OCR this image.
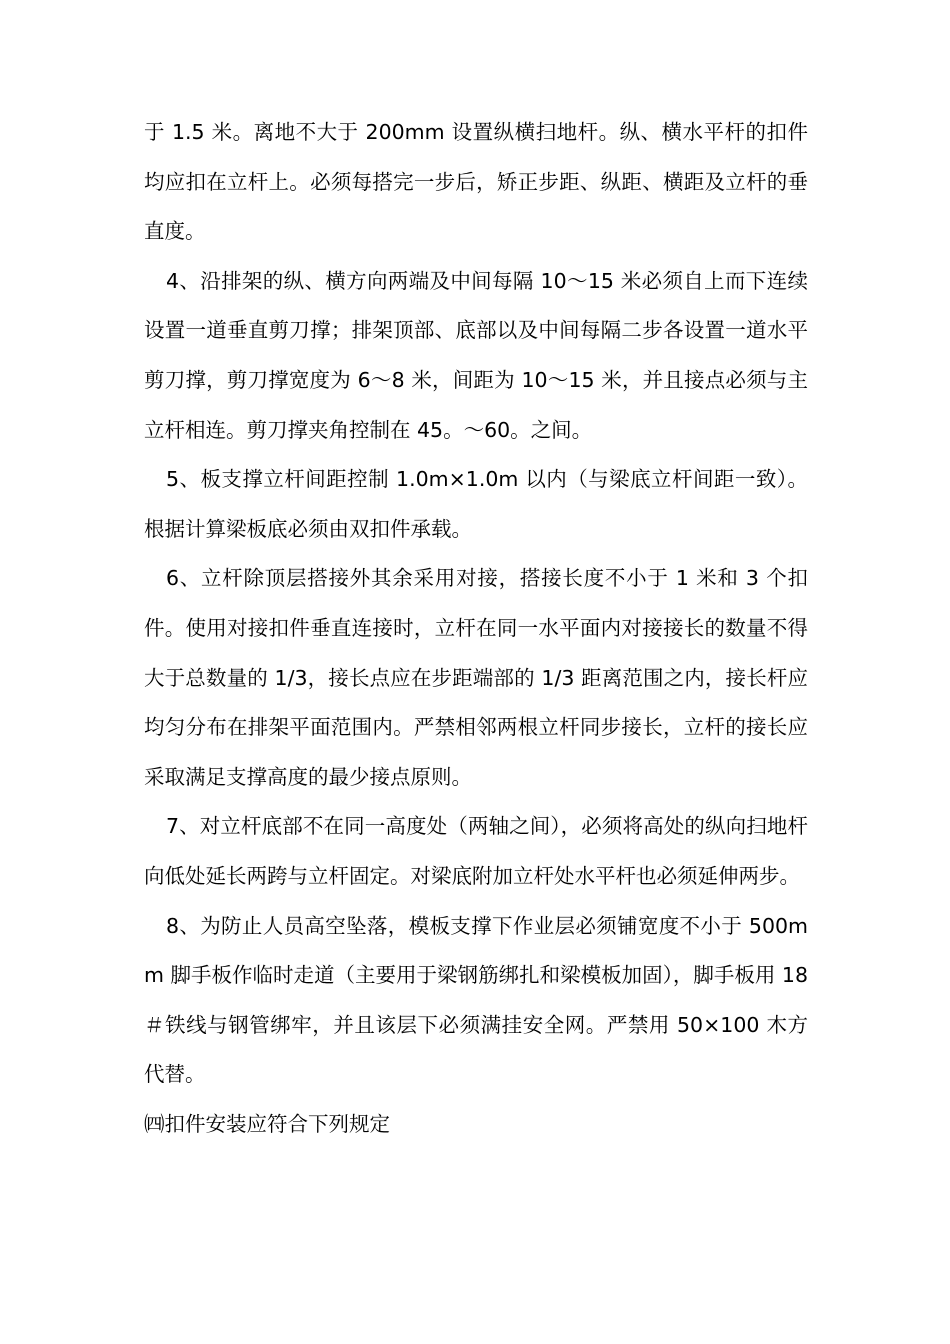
于 1.5 米。离地不大于 200mm 设置纵横扫地杆。纵、横水平杆的扣件均应扣在立杆上。必须每搭完一步后，矫正步距、纵距、横距及立杆的垂直度。

4、沿排架的纵、横方向两端及中间每隔 10～15 米必须自上而下连续设置一道垂直剪刀撑；排架顶部、底部以及中间每隔二步各设置一道水平剪刀撑，剪刀撑宽度为 6～8 米，间距为 10～15 米，并且接点必须与主立杆相连。剪刀撑夹角控制在 45。～60。之间。

5、板支撑立杆间距控制 1.0m×1.0m 以内（与梁底立杆间距一致）。根据计算梁板底必须由双扣件承载。

6、立杆除顶层搭接外其余采用对接，搭接长度不小于 1 米和 3 个扣件。使用对接扣件垂直连接时，立杆在同一水平面内对接接长的数量不得大于总数量的 1/3，接长点应在步距端部的 1/3 距离范围之内，接长杆应均匀分布在排架平面范围内。严禁相邻两根立杆同步接长，立杆的接长应采取满足支撑高度的最少接点原则。

7、对立杆底部不在同一高度处（两轴之间），必须将高处的纵向扫地杆向低处延长两跨与立杆固定。对梁底附加立杆处水平杆也必须延伸两步。

8、为防止人员高空坠落，模板支撑下作业层必须铺宽度不小于 500mm 脚手板作临时走道（主要用于梁钢筋绑扎和梁模板加固），脚手板用 18＃铁线与钢管绑牢，并且该层下必须满挂安全网。严禁用 50×100 木方代替。

㈣扣件安装应符合下列规定
